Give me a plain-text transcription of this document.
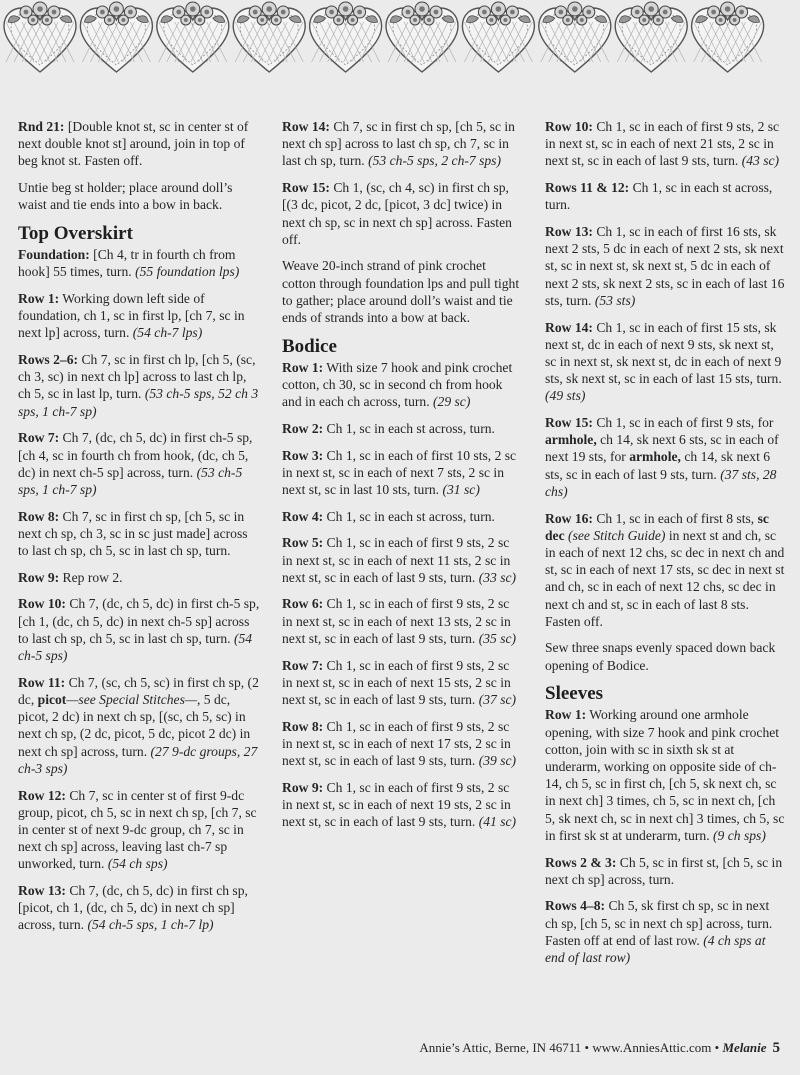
Rnd 21: [Double knot st, sc in center st of next double knot st] around, join in top of beg knot st. Fasten off.

Untie beg st holder; place around doll’s waist and tie ends into a bow in back.

Top Overskirt

Foundation: [Ch 4, tr in fourth ch from hook] 55 times, turn. (55 foundation lps)

Row 1: Working down left side of foundation, ch 1, sc in first lp, [ch 7, sc in next lp] across, turn. (54 ch-7 lps)

Rows 2–6: Ch 7, sc in first ch lp, [ch 5, (sc, ch 3, sc) in next ch lp] across to last ch lp, ch 5, sc in last lp, turn. (53 ch-5 sps, 52 ch 3 sps, 1 ch-7 sp)

Row 7: Ch 7, (dc, ch 5, dc) in first ch-5 sp, [ch 4, sc in fourth ch from hook, (dc, ch 5, dc) in next ch-5 sp] across, turn. (53 ch-5 sps, 1 ch-7 sp)

Row 8: Ch 7, sc in first ch sp, [ch 5, sc in next ch sp, ch 3, sc in sc just made] across to last ch sp, ch 5, sc in last ch sp, turn.

Row 9: Rep row 2.

Row 10: Ch 7, (dc, ch 5, dc) in first ch-5 sp, [ch 1, (dc, ch 5, dc) in next ch-5 sp] across to last ch sp, ch 5, sc in last ch sp, turn. (54 ch-5 sps)

Row 11: Ch 7, (sc, ch 5, sc) in first ch sp, (2 dc, picot—see Special Stitches—, 5 dc, picot, 2 dc) in next ch sp, [(sc, ch 5, sc) in next ch sp, (2 dc, picot, 5 dc, picot 2 dc) in next ch sp] across, turn. (27 9-dc groups, 27 ch-3 sps)

Row 12: Ch 7, sc in center st of first 9-dc group, picot, ch 5, sc in next ch sp, [ch 7, sc in center st of next 9-dc group, ch 7, sc in next ch sp] across, leaving last ch-7 sp unworked, turn. (54 ch sps)

Row 13: Ch 7, (dc, ch 5, dc) in first ch sp, [picot, ch 1, (dc, ch 5, dc) in next ch sp] across, turn. (54 ch-5 sps, 1 ch-7 lp)

Row 14: Ch 7, sc in first ch sp, [ch 5, sc in next ch sp] across to last ch sp, ch 7, sc in last ch sp, turn. (53 ch-5 sps, 2 ch-7 sps)

Row 15: Ch 1, (sc, ch 4, sc) in first ch sp, [(3 dc, picot, 2 dc, [picot, 3 dc] twice) in next ch sp, sc in next ch sp] across. Fasten off.

Weave 20-inch strand of pink crochet cotton through foundation lps and pull tight to gather; place around doll’s waist and tie ends of strands into a bow at back.

Bodice

Row 1: With size 7 hook and pink crochet cotton, ch 30, sc in second ch from hook and in each ch across, turn. (29 sc)

Row 2: Ch 1, sc in each st across, turn.

Row 3: Ch 1, sc in each of first 10 sts, 2 sc in next st, sc in each of next 7 sts, 2 sc in next st, sc in last 10 sts, turn. (31 sc)

Row 4: Ch 1, sc in each st across, turn.

Row 5: Ch 1, sc in each of first 9 sts, 2 sc in next st, sc in each of next 11 sts, 2 sc in next st, sc in each of last 9 sts, turn. (33 sc)

Row 6: Ch 1, sc in each of first 9 sts, 2 sc in next st, sc in each of next 13 sts, 2 sc in next st, sc in each of last 9 sts, turn. (35 sc)

Row 7: Ch 1, sc in each of first 9 sts, 2 sc in next st, sc in each of next 15 sts, 2 sc in next st, sc in each of last 9 sts, turn. (37 sc)

Row 8: Ch 1, sc in each of first 9 sts, 2 sc in next st, sc in each of next 17 sts, 2 sc in next st, sc in each of last 9 sts, turn. (39 sc)

Row 9: Ch 1, sc in each of first 9 sts, 2 sc in next st, sc in each of next 19 sts, 2 sc in next st, sc in each of last 9 sts, turn. (41 sc)

Row 10: Ch 1, sc in each of first 9 sts, 2 sc in next st, sc in each of next 21 sts, 2 sc in next st, sc in each of last 9 sts, turn. (43 sc)

Rows 11 & 12: Ch 1, sc in each st across, turn.

Row 13: Ch 1, sc in each of first 16 sts, sk next 2 sts, 5 dc in each of next 2 sts, sk next st, sc in next st, sk next st, 5 dc in each of next 2 sts, sk next 2 sts, sc in each of last 16 sts, turn. (53 sts)

Row 14: Ch 1, sc in each of first 15 sts, sk next st, dc in each of next 9 sts, sk next st, sc in next st, sk next st, dc in each of next 9 sts, sk next st, sc in each of last 15 sts, turn. (49 sts)

Row 15: Ch 1, sc in each of first 9 sts, for armhole, ch 14, sk next 6 sts, sc in each of next 19 sts, for armhole, ch 14, sk next 6 sts, sc in each of last 9 sts, turn. (37 sts, 28 chs)

Row 16: Ch 1, sc in each of first 8 sts, sc dec (see Stitch Guide) in next st and ch, sc in each of next 12 chs, sc dec in next ch and st, sc in each of next 17 sts, sc dec in next st and ch, sc in each of next 12 chs, sc dec in next ch and st, sc in each of last 8 sts. Fasten off.

Sew three snaps evenly spaced down back opening of Bodice.

Sleeves

Row 1: Working around one armhole opening, with size 7 hook and pink crochet cotton, join with sc in sixth sk st at underarm, working on opposite side of ch-14, ch 5, sc in first ch, [ch 5, sk next ch, sc in next ch] 3 times, ch 5, sc in next ch, [ch 5, sk next ch, sc in next ch] 3 times, ch 5, sc in first sk st at underarm, turn. (9 ch sps)

Rows 2 & 3: Ch 5, sc in first st, [ch 5, sc in next ch sp] across, turn.

Rows 4–8: Ch 5, sk first ch sp, sc in next ch sp, [ch 5, sc in next ch sp] across, turn. Fasten off at end of last row. (4 ch sps at end of last row)

Annie’s Attic, Berne, IN 46711 • www.AnniesAttic.com • Melanie 5
